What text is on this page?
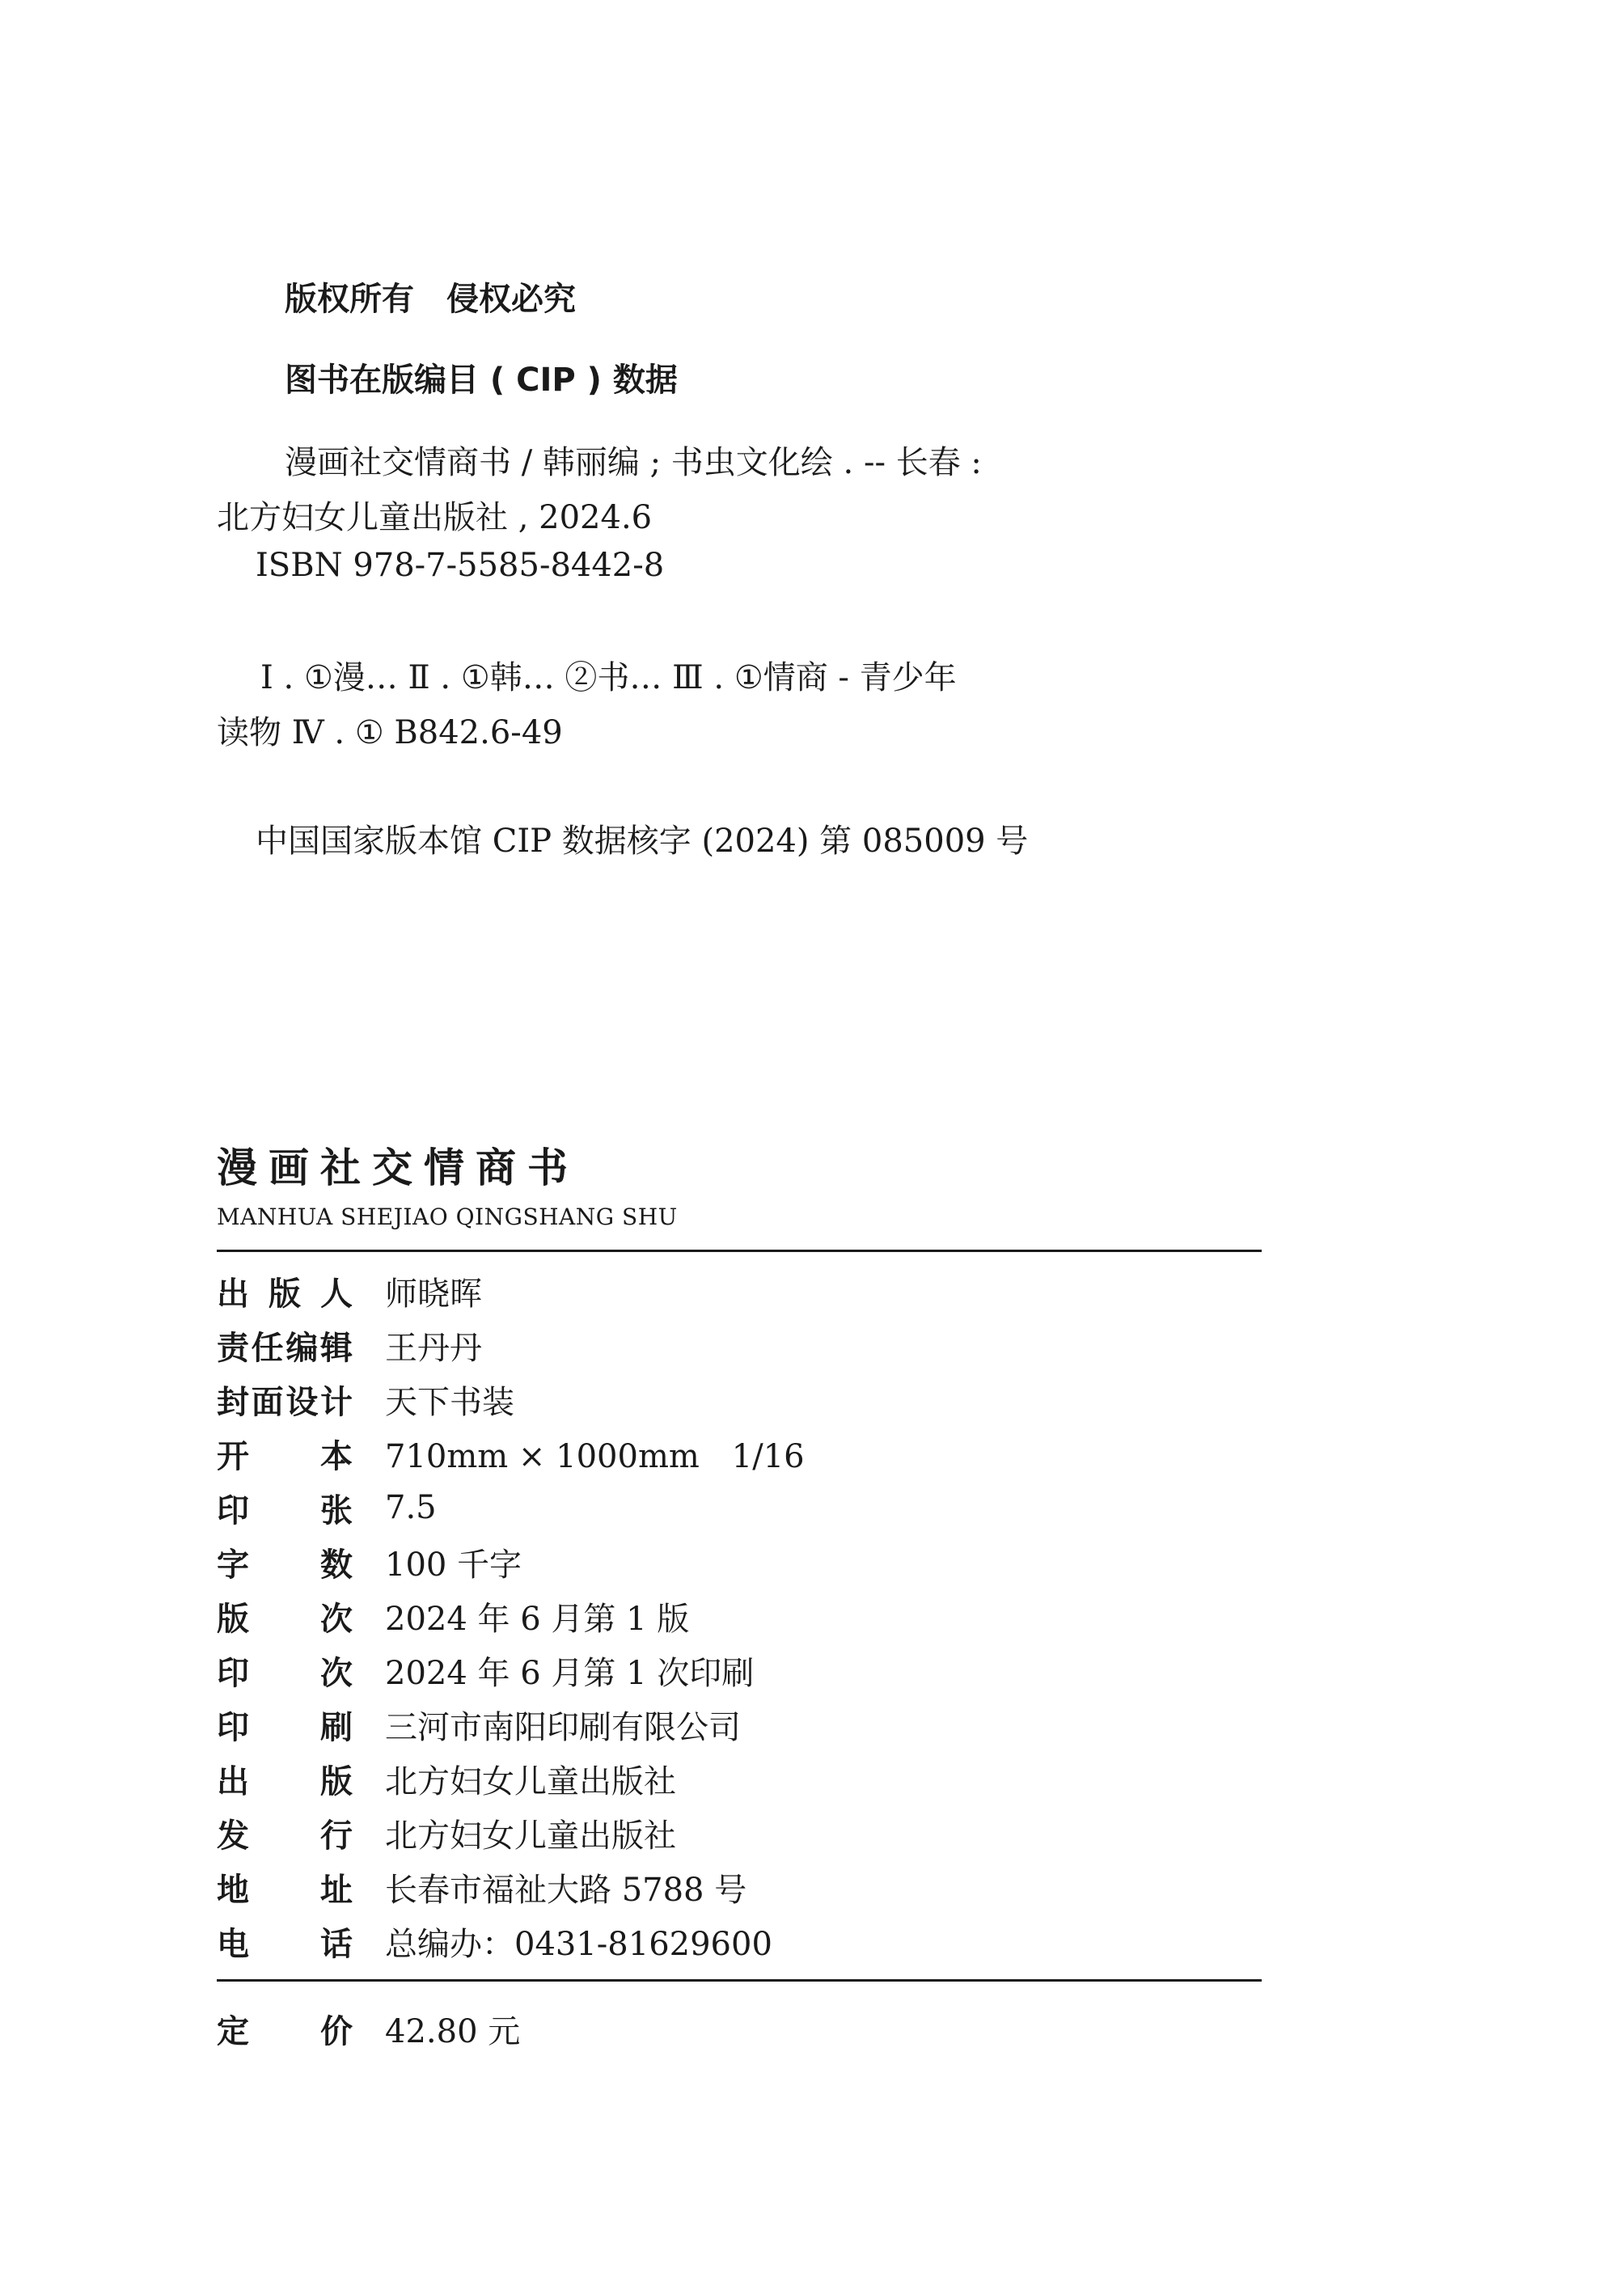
版权所有　侵权必究
图书在版编目 ( CIP ) 数据
漫画社交情商书 / 韩丽编 ; 书虫文化绘 . -- 长春 :
北方妇女儿童出版社 , 2024.6
ISBN 978-7-5585-8442-8
Ⅰ . ①漫… Ⅱ . ①韩… ②书… Ⅲ . ①情商 - 青少年
读物 Ⅳ . ① B842.6-49
中国国家版本馆 CIP 数据核字 (2024) 第 085009 号
漫画社交情商书
MANHUA SHEJIAO QINGSHANG SHU
出 版 人 师晓晖
责 任 编 辑 王丹丹
封 面 设 计 天下书装
开 本 710mm × 1000mm　1/16
印 张 7.5
字 数 100 千字
版 次 2024 年 6 月第 1 版
印 次 2024 年 6 月第 1 次印刷
印 刷 三河市南阳印刷有限公司
出 版 北方妇女儿童出版社
发 行 北方妇女儿童出版社
地 址 长春市福祉大路 5788 号
电 话 总编办：0431-81629600
定 价 42.80 元
